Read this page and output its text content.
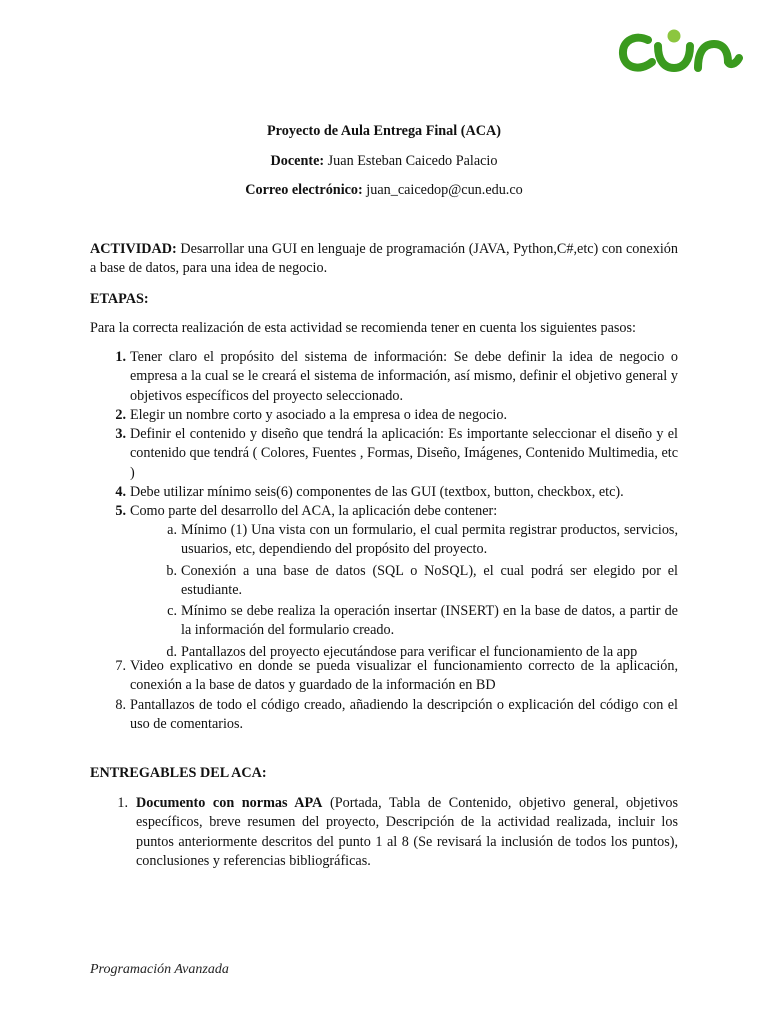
Proyecto de Aula Entrega Final (ACA)
Docente: Juan Esteban Caicedo Palacio
Correo electrónico: juan_caicedop@cun.edu.co

ACTIVIDAD: Desarrollar una GUI en lenguaje de programación (JAVA, Python,C#,etc) con conexión a base de datos, para una idea de negocio.

ETAPAS:

Para la correcta realización de esta actividad se recomienda tener en cuenta los siguientes pasos:

1. Tener claro el propósito del sistema de información: Se debe definir la idea de negocio o empresa a la cual se le creará el sistema de información, así mismo, definir el objetivo general y objetivos específicos del proyecto seleccionado.
2. Elegir un nombre corto y asociado a la empresa o idea de negocio.
3. Definir el contenido y diseño que tendrá la aplicación: Es importante seleccionar el diseño y el contenido que tendrá ( Colores, Fuentes , Formas, Diseño, Imágenes, Contenido Multimedia, etc )
4. Debe utilizar mínimo seis(6) componentes de las GUI (textbox, button, checkbox, etc).
5. Como parte del desarrollo del ACA, la aplicación debe contener:
a. Mínimo (1) Una vista con un formulario, el cual permita registrar productos, servicios, usuarios, etc, dependiendo del propósito del proyecto.
b. Conexión a una base de datos (SQL o NoSQL), el cual podrá ser elegido por el estudiante.
c. Mínimo se debe realiza la operación insertar (INSERT) en la base de datos, a partir de la información del formulario creado.
d. Pantallazos del proyecto ejecutándose para verificar el funcionamiento de la app
7. Video explicativo en donde se pueda visualizar el funcionamiento correcto de la aplicación, conexión a la base de datos y guardado de la información en BD
8. Pantallazos de todo el código creado, añadiendo la descripción o explicación del código con el uso de comentarios.
ENTREGABLES DEL ACA:
1. Documento con normas APA (Portada, Tabla de Contenido, objetivo general, objetivos específicos, breve resumen del proyecto, Descripción de la actividad realizada, incluir los puntos anteriormente descritos del punto 1 al 8 (Se revisará la inclusión de todos los puntos), conclusiones y referencias bibliográficas.
Programación Avanzada
